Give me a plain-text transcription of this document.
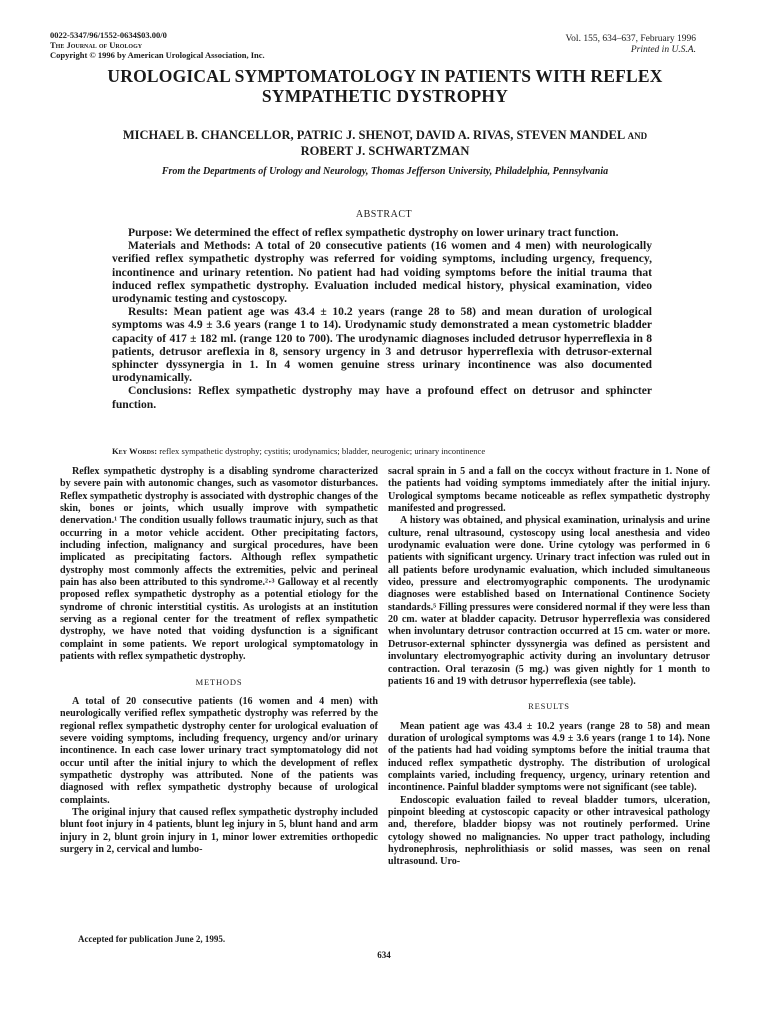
0022-5347/96/1552-0634$03.00/0
The Journal of Urology
Copyright © 1996 by American Urological Association, Inc.
Vol. 155, 634–637, February 1996
Printed in U.S.A.
UROLOGICAL SYMPTOMATOLOGY IN PATIENTS WITH REFLEX
SYMPATHETIC DYSTROPHY
MICHAEL B. CHANCELLOR, PATRIC J. SHENOT, DAVID A. RIVAS, STEVEN MANDEL AND
ROBERT J. SCHWARTZMAN
From the Departments of Urology and Neurology, Thomas Jefferson University, Philadelphia, Pennsylvania
ABSTRACT

Purpose: We determined the effect of reflex sympathetic dystrophy on lower urinary tract function.

Materials and Methods: A total of 20 consecutive patients (16 women and 4 men) with neurologically verified reflex sympathetic dystrophy was referred for voiding symptoms, including urgency, frequency, incontinence and urinary retention. No patient had had voiding symptoms before the initial trauma that induced reflex sympathetic dystrophy. Evaluation included medical history, physical examination, video urodynamic testing and cystoscopy.

Results: Mean patient age was 43.4 ± 10.2 years (range 28 to 58) and mean duration of urological symptoms was 4.9 ± 3.6 years (range 1 to 14). Urodynamic study demonstrated a mean cystometric bladder capacity of 417 ± 182 ml. (range 120 to 700). The urodynamic diagnoses included detrusor hyperreflexia in 8 patients, detrusor areflexia in 8, sensory urgency in 3 and detrusor hyperreflexia with detrusor-external sphincter dyssynergia in 1. In 4 women genuine stress urinary incontinence was also documented urodynamically.

Conclusions: Reflex sympathetic dystrophy may have a profound effect on detrusor and sphincter function.

Key Words: reflex sympathetic dystrophy; cystitis; urodynamics; bladder, neurogenic; urinary incontinence

Reflex sympathetic dystrophy is a disabling syndrome characterized by severe pain with autonomic changes, such as vasomotor disturbances. Reflex sympathetic dystrophy is associated with dystrophic changes of the skin, bones or joints, which usually improve with sympathetic denervation.¹ The condition usually follows traumatic injury, such as that occurring in a motor vehicle accident. Other precipitating factors, including infection, malignancy and surgical procedures, have been implicated as precipitating factors. Although reflex sympathetic dystrophy most commonly affects the extremities, pelvic and perineal pain has also been attributed to this syndrome.²·³ Galloway et al recently proposed reflex sympathetic dystrophy as a potential etiology for the syndrome of chronic interstitial cystitis. As urologists at an institution serving as a regional center for the treatment of reflex sympathetic dystrophy, we have noted that voiding dysfunction is a significant complaint in some patients. We report urological symptomatology in patients with reflex sympathetic dystrophy.

METHODS

A total of 20 consecutive patients (16 women and 4 men) with neurologically verified reflex sympathetic dystrophy was referred by the regional reflex sympathetic dystrophy center for urological evaluation of severe voiding symptoms, including frequency, urgency and/or urinary incontinence. In each case lower urinary tract symptomatology did not occur until after the initial injury to which the development of reflex sympathetic dystrophy was attributed. None of the patients was diagnosed with reflex sympathetic dystrophy because of urological complaints.

The original injury that caused reflex sympathetic dystrophy included blunt foot injury in 4 patients, blunt leg injury in 5, blunt hand and arm injury in 2, blunt groin injury in 1, minor lower extremities orthopedic surgery in 2, cervical and lumbo-

sacral sprain in 5 and a fall on the coccyx without fracture in 1. None of the patients had voiding symptoms immediately after the initial injury. Urological symptoms became noticeable as reflex sympathetic dystrophy manifested and progressed.

A history was obtained, and physical examination, urinalysis and urine culture, renal ultrasound, cystoscopy using local anesthesia and video urodynamic evaluation were done. Urine cytology was performed in 6 patients with significant urgency. Urinary tract infection was ruled out in all patients before urodynamic evaluation, which included simultaneous video, pressure and electromyographic components. The urodynamic diagnoses were established based on International Continence Society standards.⁵ Filling pressures were considered normal if they were less than 20 cm. water at bladder capacity. Detrusor hyperreflexia was considered when involuntary detrusor contraction occurred at 15 cm. water or more. Detrusor-external sphincter dyssynergia was defined as persistent and involuntary electromyographic activity during an involuntary detrusor contraction. Oral terazosin (5 mg.) was given nightly for 1 month to patients 16 and 19 with detrusor hyperreflexia (see table).

RESULTS

Mean patient age was 43.4 ± 10.2 years (range 28 to 58) and mean duration of urological symptoms was 4.9 ± 3.6 years (range 1 to 14). None of the patients had had voiding symptoms before the initial trauma that induced reflex sympathetic dystrophy. The distribution of urological complaints varied, including frequency, urgency, urinary retention and incontinence. Painful bladder symptoms were not significant (see table).

Endoscopic evaluation failed to reveal bladder tumors, ulceration, pinpoint bleeding at cystoscopic capacity or other intravesical pathology and, therefore, bladder biopsy was not routinely performed. Urine cytology showed no malignancies. No upper tract pathology, including hydronephrosis, nephrolithiasis or solid masses, was seen on renal ultrasound. Uro-

Accepted for publication June 2, 1995.
634
